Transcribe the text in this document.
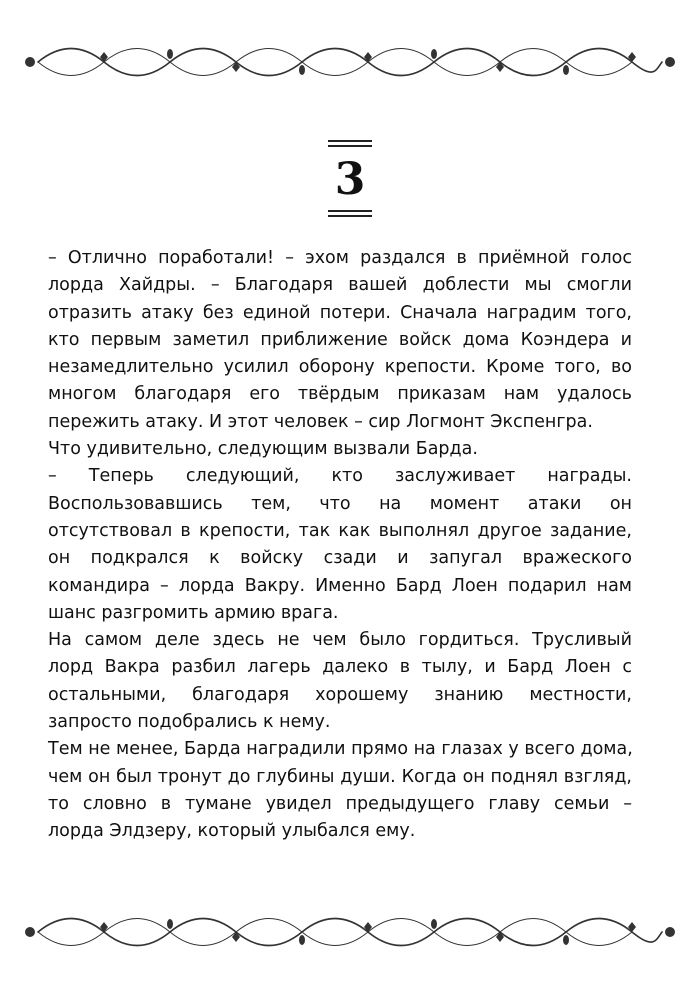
3
– Отлично поработали! – эхом раздался в приёмной голос
лорда Хайдры. – Благодаря вашей доблести мы смогли
отразить атаку без единой потери. Сначала наградим того,
кто первым заметил приближение войск дома Коэндера и
незамедлительно усилил оборону крепости. Кроме того, во
многом благодаря его твёрдым приказам нам удалось
пережить атаку. И этот человек – сир Логмонт Экспенгра.
Что удивительно, следующим вызвали Барда.
– Теперь следующий, кто заслуживает награды.
Воспользовавшись тем, что на момент атаки он
отсутствовал в крепости, так как выполнял другое задание,
он подкрался к войску сзади и запугал вражеского
командира – лорда Вакру. Именно Бард Лоен подарил нам
шанс разгромить армию врага.
На самом деле здесь не чем было гордиться. Трусливый
лорд Вакра разбил лагерь далеко в тылу, и Бард Лоен с
остальными, благодаря хорошему знанию местности,
запросто подобрались к нему.
Тем не менее, Барда наградили прямо на глазах у всего дома,
чем он был тронут до глубины души. Когда он поднял взгляд,
то словно в тумане увидел предыдущего главу семьи –
лорда Элдзеру, который улыбался ему.
